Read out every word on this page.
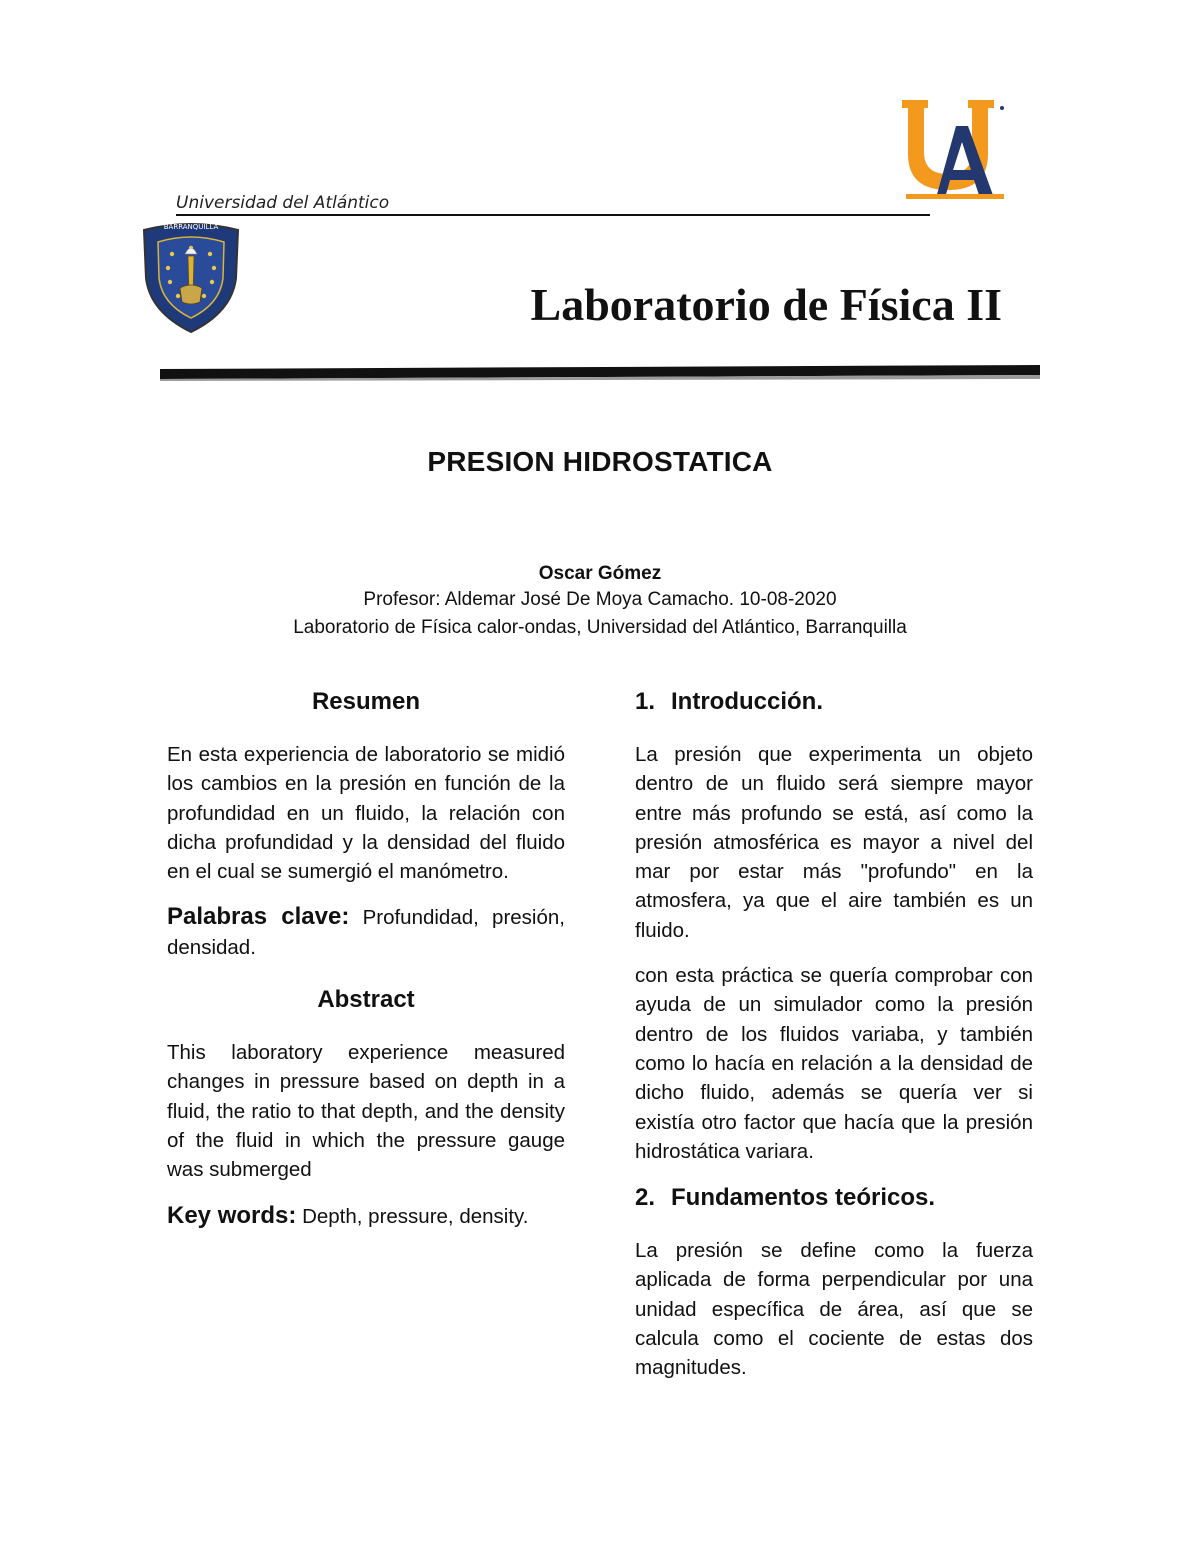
Universidad del Atlántico
BARRANQUILLA
Laboratorio de Física II
PRESION HIDROSTATICA
Oscar Gómez
Profesor: Aldemar José De Moya Camacho. 10-08-2020
Laboratorio de Física calor-ondas, Universidad del Atlántico, Barranquilla
Resumen

En esta experiencia de laboratorio se midió los cambios en la presión en función de la profundidad en un fluido, la relación con dicha profundidad y la densidad del fluido en el cual se sumergió el manómetro.

Palabras clave: Profundidad, presión, densidad.

Abstract

This laboratory experience measured changes in pressure based on depth in a fluid, the ratio to that depth, and the density of the fluid in which the pressure gauge was submerged

Key words: Depth, pressure, density.

1. Introducción.

La presión que experimenta un objeto dentro de un fluido será siempre mayor entre más profundo se está, así como la presión atmosférica es mayor a nivel del mar por estar más "profundo" en la atmosfera, ya que el aire también es un fluido.

con esta práctica se quería comprobar con ayuda de un simulador como la presión dentro de los fluidos variaba, y también como lo hacía en relación a la densidad de dicho fluido, además se quería ver si existía otro factor que hacía que la presión hidrostática variara.

2. Fundamentos teóricos.

La presión se define como la fuerza aplicada de forma perpendicular por una unidad específica de área, así que se calcula como el cociente de estas dos magnitudes.
